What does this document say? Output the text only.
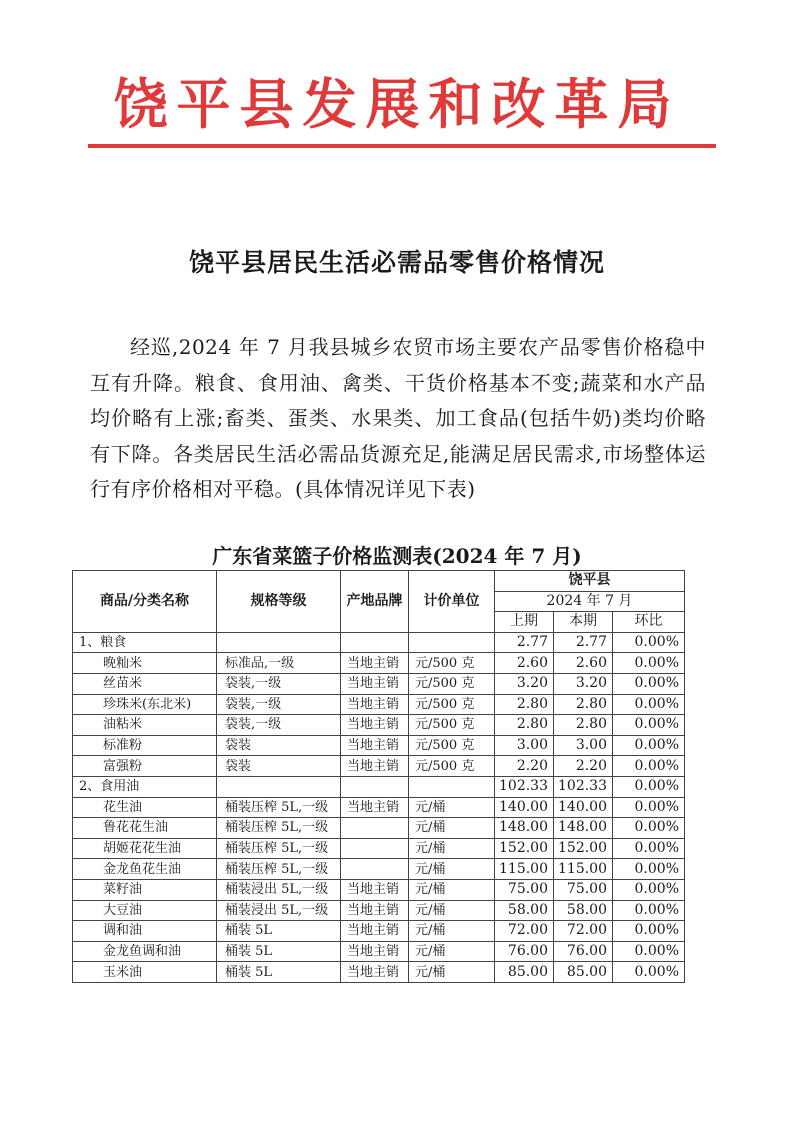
饶平县发展和改革局
饶平县居民生活必需品零售价格情况

经巡,2024 年 7 月我县城乡农贸市场主要农产品零售价格稳中互有升降。粮食、食用油、禽类、干货价格基本不变;蔬菜和水产品均价略有上涨;畜类、蛋类、水果类、加工食品(包括牛奶)类均价略有下降。各类居民生活必需品货源充足,能满足居民需求,市场整体运行有序价格相对平稳。(具体情况详见下表)

广东省菜篮子价格监测表(2024 年 7 月)
商品/分类名称	规格等级	产地品牌	计价单位	饶平县		
				2024 年 7 月		
				上期	本期	环比
1、粮食				2.77	2.77	0.00%
晚籼米	标准品,一级	当地主销	元/500 克	2.60	2.60	0.00%
丝苗米	袋装,一级	当地主销	元/500 克	3.20	3.20	0.00%
珍珠米(东北米)	袋装,一级	当地主销	元/500 克	2.80	2.80	0.00%
油粘米	袋装,一级	当地主销	元/500 克	2.80	2.80	0.00%
标准粉	袋装	当地主销	元/500 克	3.00	3.00	0.00%
富强粉	袋装	当地主销	元/500 克	2.20	2.20	0.00%
2、食用油				102.33	102.33	0.00%
花生油	桶装压榨 5L,一级	当地主销	元/桶	140.00	140.00	0.00%
鲁花花生油	桶装压榨 5L,一级		元/桶	148.00	148.00	0.00%
胡姬花花生油	桶装压榨 5L,一级		元/桶	152.00	152.00	0.00%
金龙鱼花生油	桶装压榨 5L,一级		元/桶	115.00	115.00	0.00%
菜籽油	桶装浸出 5L,一级	当地主销	元/桶	75.00	75.00	0.00%
大豆油	桶装浸出 5L,一级	当地主销	元/桶	58.00	58.00	0.00%
调和油	桶装 5L	当地主销	元/桶	72.00	72.00	0.00%
金龙鱼调和油	桶装 5L	当地主销	元/桶	76.00	76.00	0.00%
玉米油	桶装 5L	当地主销	元/桶	85.00	85.00	0.00%
